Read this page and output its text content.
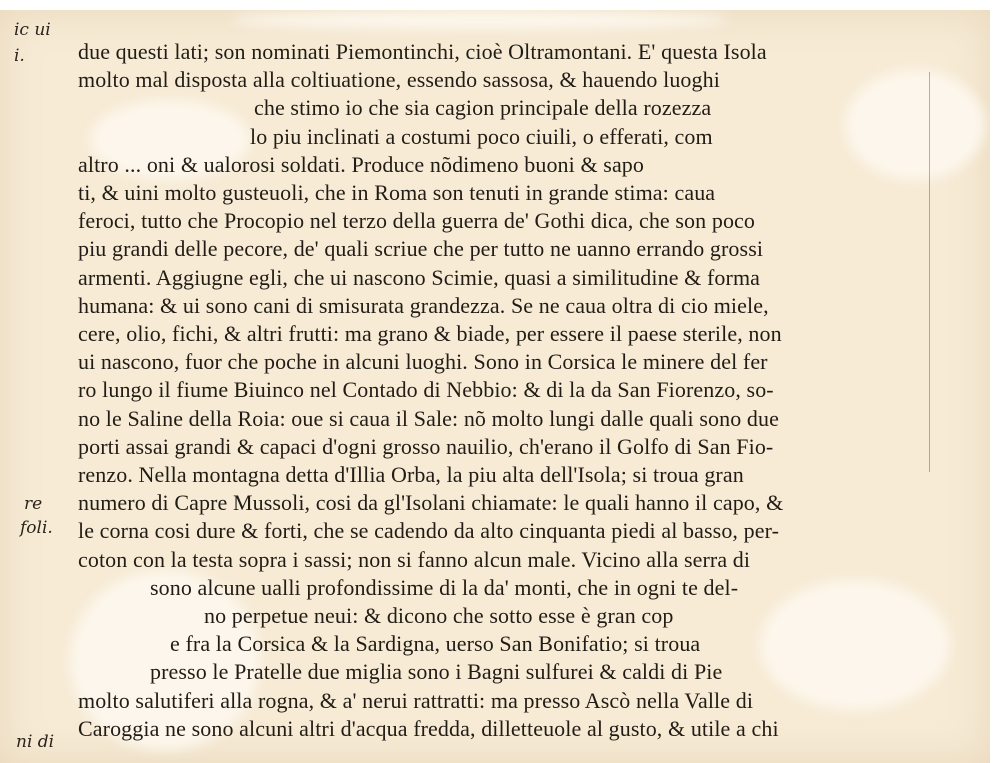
ic ui
i.
re
foli.
ni di
due questi lati; son nominati Piemontinchi, cioè Oltramontani. E' questa Isola
molto mal disposta alla coltiuatione, essendo sassosa, & hauendo luoghi
che stimo io che sia cagion principale della rozezza
lo piu inclinati a costumi poco ciuili, o efferati, com
altro ... oni & ualorosi soldati. Produce nõdimeno buoni & sapo
ti, & uini molto gusteuoli, che in Roma son tenuti in grande stima: caua
feroci, tutto che Procopio nel terzo della guerra de' Gothi dica, che son poco
piu grandi delle pecore, de' quali scriue che per tutto ne uanno errando grossi
armenti. Aggiugne egli, che ui nascono Scimie, quasi a similitudine & forma
humana: & ui sono cani di smisurata grandezza. Se ne caua oltra di cio miele,
cere, olio, fichi, & altri frutti: ma grano & biade, per essere il paese sterile, non
ui nascono, fuor che poche in alcuni luoghi. Sono in Corsica le minere del fer
ro lungo il fiume Biuinco nel Contado di Nebbio: & di la da San Fiorenzo, so-
no le Saline della Roia: oue si caua il Sale: nõ molto lungi dalle quali sono due
porti assai grandi & capaci d'ogni grosso nauilio, ch'erano il Golfo di San Fio-
renzo. Nella montagna detta d'Illia Orba, la piu alta dell'Isola; si troua gran
numero di Capre Mussoli, cosi da gl'Isolani chiamate: le quali hanno il capo, &
le corna cosi dure & forti, che se cadendo da alto cinquanta piedi al basso, per-
coton con la testa sopra i sassi; non si fanno alcun male. Vicino alla serra di
sono alcune ualli profondissime di la da' monti, che in ogni te del-
no perpetue neui: & dicono che sotto esse è gran cop
e fra la Corsica & la Sardigna, uerso San Bonifatio; si troua
presso le Pratelle due miglia sono i Bagni sulfurei & caldi di Pie
molto salutiferi alla rogna, & a' nerui rattratti: ma presso Ascò nella Valle di
Caroggia ne sono alcuni altri d'acqua fredda, dilletteuole al gusto, & utile a chi
